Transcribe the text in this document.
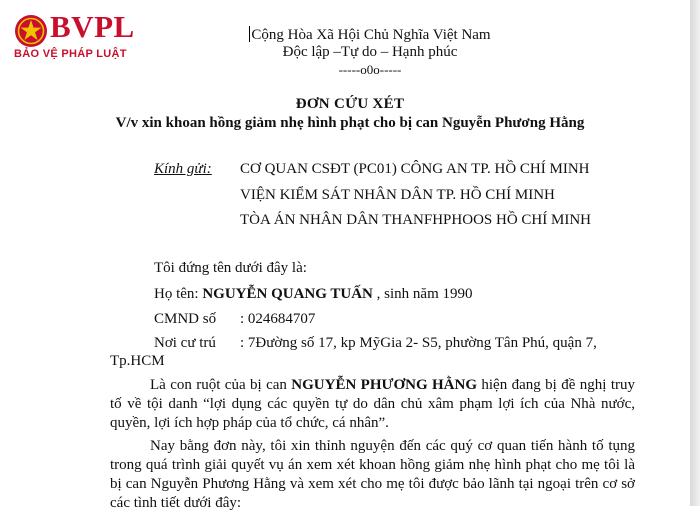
BVPL
BẢO VỆ PHÁP LUẬT
Cộng Hòa Xã Hội Chủ Nghĩa Việt Nam
Độc lập –Tự do – Hạnh phúc
-----o0o-----
ĐƠN CỨU XÉT
V/v xin khoan hồng giảm nhẹ hình phạt cho bị can Nguyễn Phương Hằng
Kính gửi: CƠ QUAN CSĐT (PC01) CÔNG AN TP. HỒ CHÍ MINH
VIỆN KIỂM SÁT NHÂN DÂN TP. HỒ CHÍ MINH
TÒA ÁN NHÂN DÂN THANFHPHOOS HỒ CHÍ MINH
Tôi đứng tên dưới đây là:
Họ tên: NGUYỄN QUANG TUẤN , sinh năm 1990
CMND số : 024684707
Nơi cư trú : 7Đường số 17, kp MỹGia 2- S5, phường Tân Phú, quận 7,
Tp.HCM
Là con ruột của bị can NGUYỄN PHƯƠNG HẰNG hiện đang bị đề nghị truy tố về tội danh “lợi dụng các quyền tự do dân chủ xâm phạm lợi ích của Nhà nước, quyền, lợi ích hợp pháp của tổ chức, cá nhân”.
Nay bằng đơn này, tôi xin thỉnh nguyện đến các quý cơ quan tiến hành tố tụng trong quá trình giải quyết vụ án xem xét khoan hồng giảm nhẹ hình phạt cho mẹ tôi là bị can Nguyễn Phương Hằng và xem xét cho mẹ tôi được bảo lãnh tại ngoại trên cơ sở các tình tiết dưới đây:
